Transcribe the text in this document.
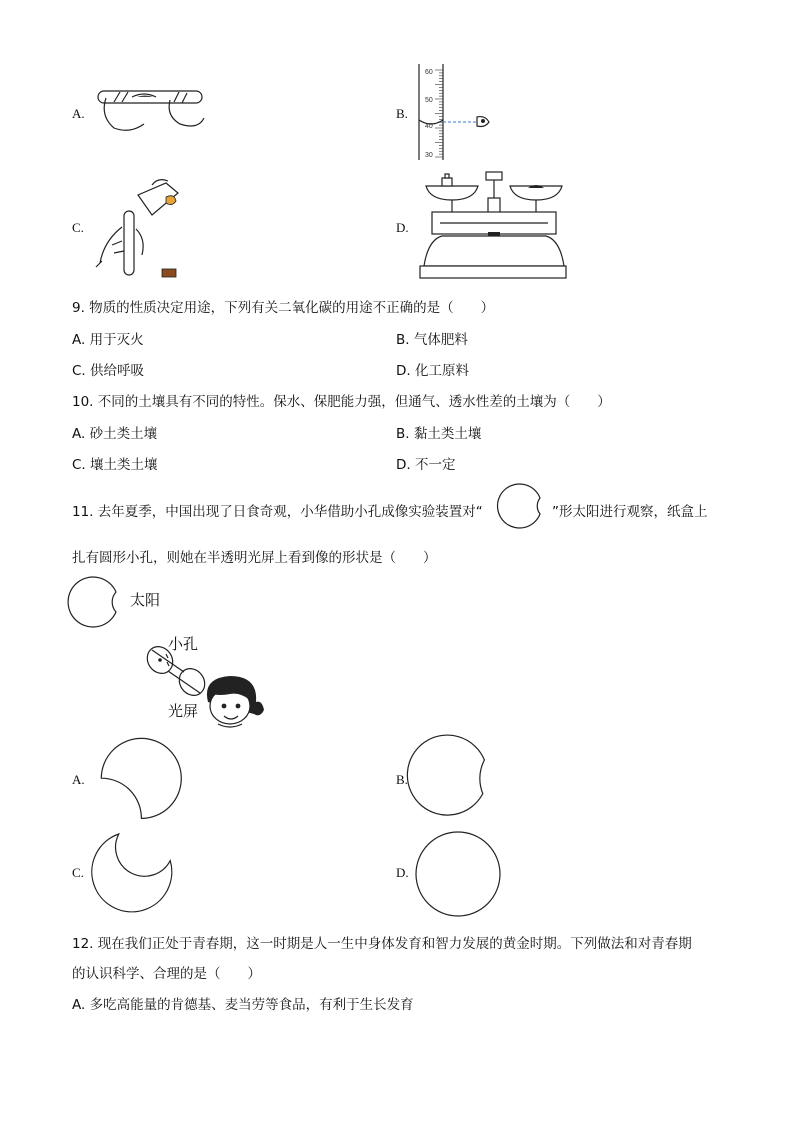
A.	B.
60
50
40
30
C.	D.
9. 物质的性质决定用途，下列有关二氧化碳的用途不正确的是（　　）
A. 用于灭火	B. 气体肥料
C. 供给呼吸	D. 化工原料
10. 不同的土壤具有不同的特性。保水、保肥能力强，但通气、透水性差的土壤为（　　）
A. 砂土类土壤	B. 黏土类土壤
C. 壤土类土壤	D. 不一定
11. 去年夏季，中国出现了日食奇观，小华借助小孔成像实验装置对“	”形太阳进行观察，纸盒上
扎有圆形小孔，则她在半透明光屏上看到像的形状是（　　）
太阳
小孔
光屏
A.	B.
C.	D.
12. 现在我们正处于青春期，这一时期是人一生中身体发育和智力发展的黄金时期。下列做法和对青春期
的认识科学、合理的是（　　）
A. 多吃高能量的肯德基、麦当劳等食品，有利于生长发育
